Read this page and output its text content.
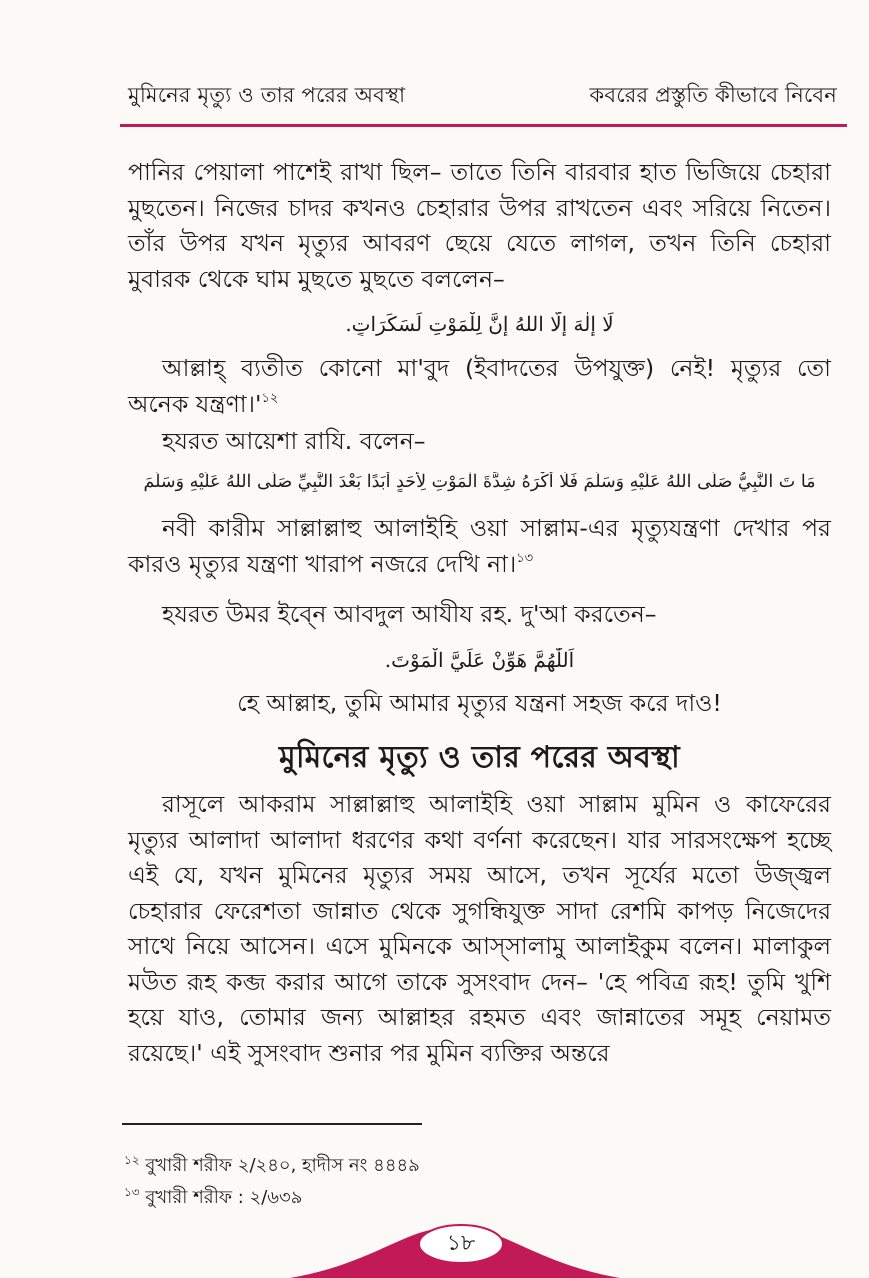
মুমিনের মৃত্যু ও তার পরের অবস্থা	কবরের প্রস্তুতি কীভাবে নিবেন

পানির পেয়ালা পাশেই রাখা ছিল– তাতে তিনি বারবার হাত ভিজিয়ে চেহারা মুছতেন। নিজের চাদর কখনও চেহারার উপর রাখতেন এবং সরিয়ে নিতেন। তাঁর উপর যখন মৃত্যুর আবরণ ছেয়ে যেতে লাগল, তখন তিনি চেহারা মুবারক থেকে ঘাম মুছতে মুছতে বললেন–

لَا إِلٰهَ إِلَّا اللهُ إِنَّ لِلْمَوْتِ لَسَكَرَاتٍ.

আল্লাহ্ ব্যতীত কোনো মা'বুদ (ইবাদতের উপযুক্ত) নেই! মৃত্যুর তো অনেক $যন্ত্রণা।'^{১২}$

হযরত আয়েশা রাযি. বলেন–

مَا تَ النَّبِيُّ صَلَّى اللهُ عَلَيْهِ وَسَلَّمَ فَلَا أَكْرَهُ شِدَّةَ الْمَوْتِ لِأَحَدٍ أَبَدًا بَعْدَ النَّبِيِّ صَلَّى اللهُ عَلَيْهِ وَسَلَّمَ

নবী কারীম সাল্লাল্লাহু আলাইহি ওয়া সাল্লাম-এর মৃত্যুযন্ত্রণা দেখার পর কারও মৃত্যুর যন্ত্রণা খারাপ নজরে দেখি না।$^{১৩}$

হযরত উমর ইব্নে আবদুল আযীয রহ. দু'আ করতেন–

اَللّٰهُمَّ هَوِّنْ عَلَيَّ الْمَوْتَ.
হে আল্লাহ, তুমি আমার মৃত্যুর যন্ত্রনা সহজ করে দাও!
মুমিনের মৃত্যু ও তার পরের অবস্থা

রাসূলে আকরাম সাল্লাল্লাহু আলাইহি ওয়া সাল্লাম মুমিন ও কাফেরের মৃত্যুর আলাদা আলাদা ধরণের কথা বর্ণনা করেছেন। যার সারসংক্ষেপ হচ্ছে এই যে, যখন মুমিনের মৃত্যুর সময় আসে, তখন সূর্যের মতো উজ্জ্বল চেহারার ফেরেশতা জান্নাত থেকে সুগন্ধিযুক্ত সাদা রেশমি কাপড় নিজেদের সাথে নিয়ে আসেন। এসে মুমিনকে আস্সালামু আলাইকুম বলেন। মালাকুল মউত রূহ কব্জ করার আগে তাকে সুসংবাদ দেন– 'হে পবিত্র রূহ! তুমি খুশি হয়ে যাও, তোমার জন্য আল্লাহর রহমত এবং জান্নাতের সমূহ নেয়ামত রয়েছে।' এই সুসংবাদ শুনার পর মুমিন ব্যক্তির অন্তরে

$^{১২}$ বুখারী শরীফ ২/২৪০, হাদীস নং ৪৪৪৯
$^{১৩}$ বুখারী শরীফ : ২/৬৩৯
১৮
